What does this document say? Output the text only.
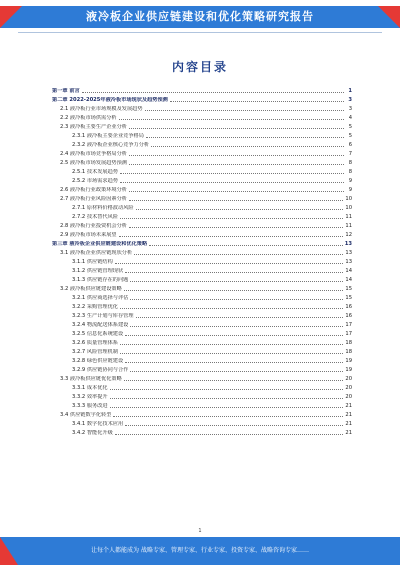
液冷板企业供应链建设和优化策略研究报告
内容目录
第一章 前言	1
第二章 2022-2025年液冷板市场现状及趋势预测	3
2.1 液冷板行业市场规模及发展趋势	3
2.2 液冷板市场供需分析	4
2.3 液冷板主要生产企业分析	5
2.3.1 液冷板主要企业竞争格局	5
2.3.2 液冷板企业核心竞争力分析	6
2.4 液冷板市场竞争格局分析	7
2.5 液冷板市场发展趋势预测	8
2.5.1 技术发展趋势	8
2.5.2 市场需求趋势	9
2.6 液冷板行业政策环境分析	9
2.7 液冷板行业风险因素分析	10
2.7.1 原材料价格波动风险	10
2.7.2 技术替代风险	11
2.8 液冷板行业投资机会分析	11
2.9 液冷板市场未来展望	12
第三章 液冷板企业供应链建设和优化策略	13
3.1 液冷板企业供应链现状分析	13
3.1.1 供应链结构	13
3.1.2 供应链管理现状	14
3.1.3 供应链存在的问题	14
3.2 液冷板供应链建设策略	15
3.2.1 供应商选择与评估	15
3.2.2 采购管理优化	16
3.2.3 生产计划与库存管理	16
3.2.4 物流配送体系建设	17
3.2.5 信息化系统建设	17
3.2.6 质量管理体系	18
3.2.7 风险管理机制	18
3.2.8 绿色供应链建设	19
3.2.9 供应链协同与合作	19
3.3 液冷板供应链优化策略	20
3.3.1 成本优化	20
3.3.2 效率提升	20
3.3.3 服务改进	21
3.4 供应链数字化转型	21
3.4.1 数字化技术应用	21
3.4.2 智能化升级	21
1
让每个人都能成为 战略专家、管理专家、行业专家、投资专家、战略咨询专家……
